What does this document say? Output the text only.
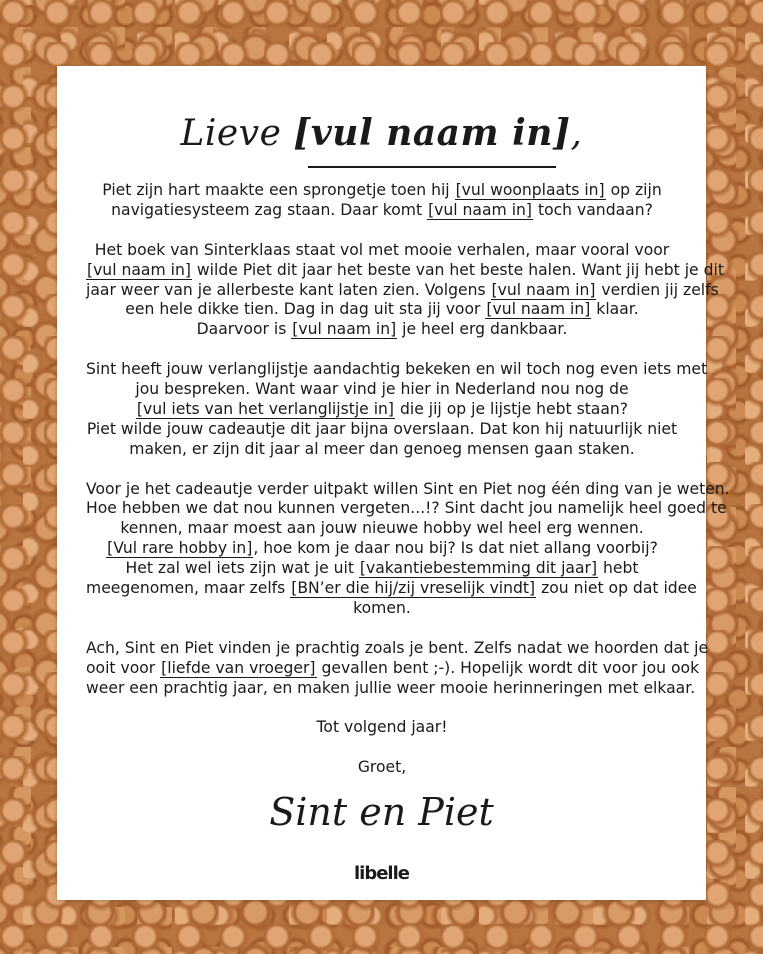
Lieve [vul naam in],

Piet zijn hart maakte een sprongetje toen hij [vul woonplaats in] op zijn
navigatiesysteem zag staan. Daar komt [vul naam in] toch vandaan?

Het boek van Sinterklaas staat vol met mooie verhalen, maar vooral voor
[vul naam in] wilde Piet dit jaar het beste van het beste halen. Want jij hebt je dit
jaar weer van je allerbeste kant laten zien. Volgens [vul naam in] verdien jij zelfs
een hele dikke tien. Dag in dag uit sta jij voor [vul naam in] klaar.
Daarvoor is [vul naam in] je heel erg dankbaar.

Sint heeft jouw verlanglijstje aandachtig bekeken en wil toch nog even iets met
jou bespreken. Want waar vind je hier in Nederland nou nog de
[vul iets van het verlanglijstje in] die jij op je lijstje hebt staan?
Piet wilde jouw cadeautje dit jaar bijna overslaan. Dat kon hij natuurlijk niet
maken, er zijn dit jaar al meer dan genoeg mensen gaan staken.

Voor je het cadeautje verder uitpakt willen Sint en Piet nog één ding van je weten.
Hoe hebben we dat nou kunnen vergeten...!? Sint dacht jou namelijk heel goed te
kennen, maar moest aan jouw nieuwe hobby wel heel erg wennen.
[Vul rare hobby in], hoe kom je daar nou bij? Is dat niet allang voorbij?
Het zal wel iets zijn wat je uit [vakantiebestemming dit jaar] hebt
meegenomen, maar zelfs [BN’er die hij/zij vreselijk vindt] zou niet op dat idee
komen.

Ach, Sint en Piet vinden je prachtig zoals je bent. Zelfs nadat we hoorden dat je
ooit voor [liefde van vroeger] gevallen bent ;-). Hopelijk wordt dit voor jou ook
weer een prachtig jaar, en maken jullie weer mooie herinneringen met elkaar.

Tot volgend jaar!

Groet,

Sint en Piet
libelle
